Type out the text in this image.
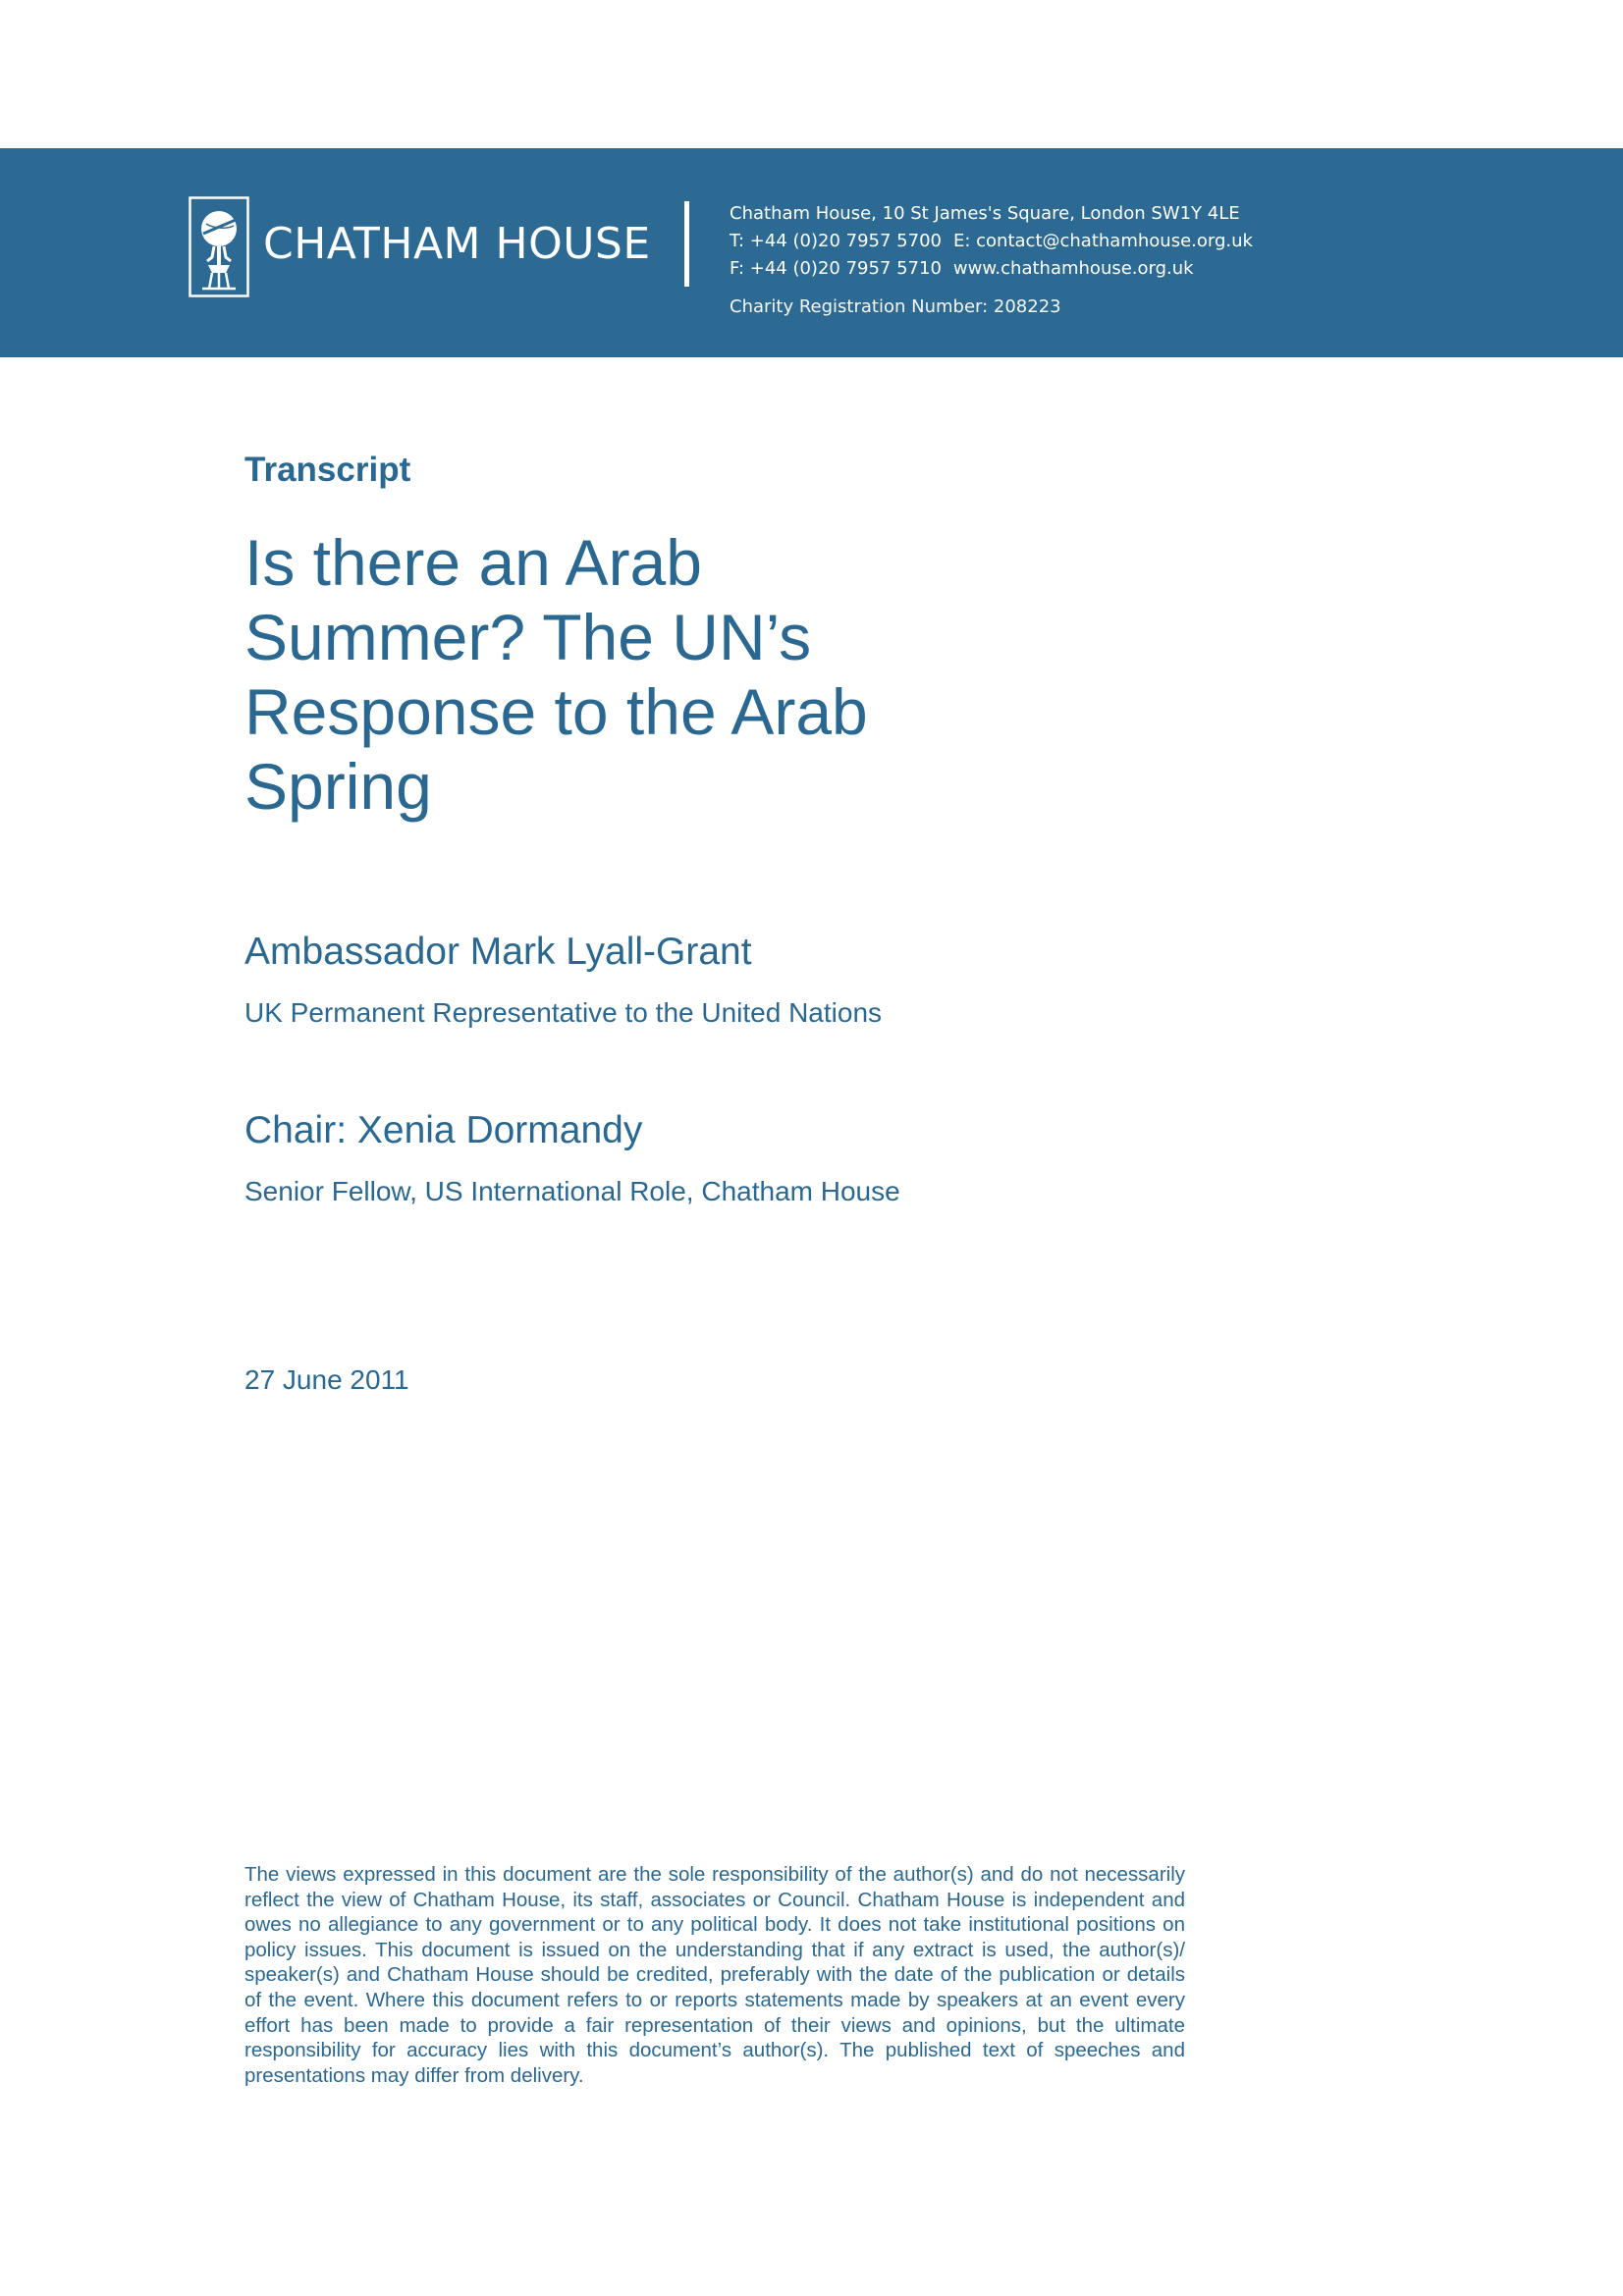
CHATHAM HOUSE
Chatham House, 10 St James's Square, London SW1Y 4LE
T: +44 (0)20 7957 5700 E: contact@chathamhouse.org.uk
F: +44 (0)20 7957 5710 www.chathamhouse.org.uk
Charity Registration Number: 208223
Transcript
Is there an Arab Summer? The UN’s Response to the Arab Spring
Ambassador Mark Lyall-Grant
UK Permanent Representative to the United Nations
Chair: Xenia Dormandy
Senior Fellow, US International Role, Chatham House
27 June 2011
The views expressed in this document are the sole responsibility of the author(s) and do not necessarily reflect the view of Chatham House, its staff, associates or Council. Chatham House is independent and owes no allegiance to any government or to any political body. It does not take institutional positions on policy issues. This document is issued on the understanding that if any extract is used, the author(s)/ speaker(s) and Chatham House should be credited, preferably with the date of the publication or details of the event. Where this document refers to or reports statements made by speakers at an event every effort has been made to provide a fair representation of their views and opinions, but the ultimate responsibility for accuracy lies with this document’s author(s). The published text of speeches and presentations may differ from delivery.
